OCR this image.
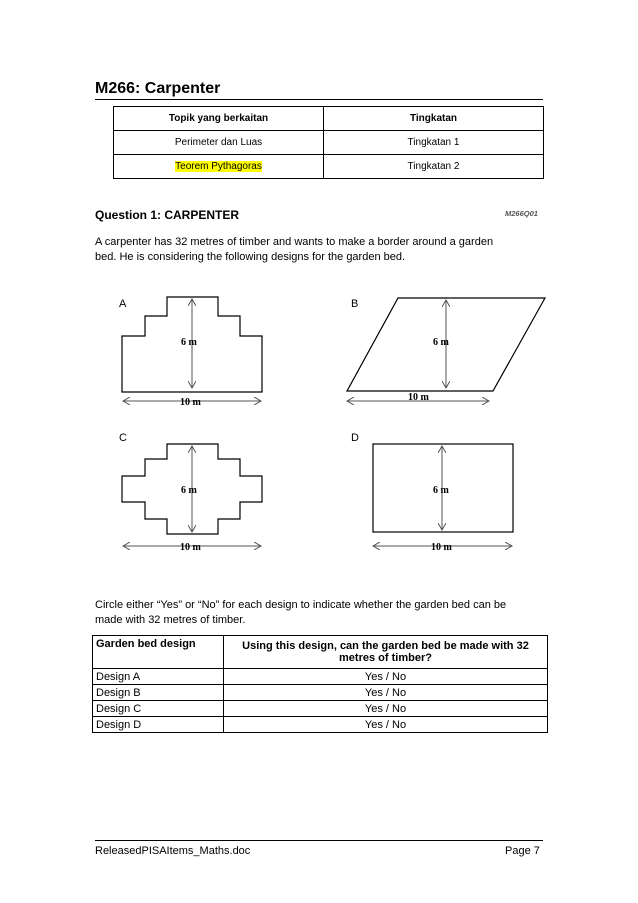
M266: Carpenter
Topik yang berkaitan	Tingkatan
Perimeter dan Luas	Tingkatan 1
Teorem Pythagoras	Tingkatan 2
Question 1: CARPENTER	M266Q01
A carpenter has 32 metres of timber and wants to make a border around a garden
bed. He is considering the following designs for the garden bed.
A
6 m
10 m
B
6 m
10 m
C
6 m
10 m
D
6 m
10 m
Circle either “Yes” or “No” for each design to indicate whether the garden bed can be
made with 32 metres of timber.
Garden bed design	Using this design, can the garden bed be made with 32
metres of timber?

Design A	Yes / No
Design B	Yes / No
Design C	Yes / No
Design D	Yes / No
ReleasedPISAItems_Maths.doc	Page 7
